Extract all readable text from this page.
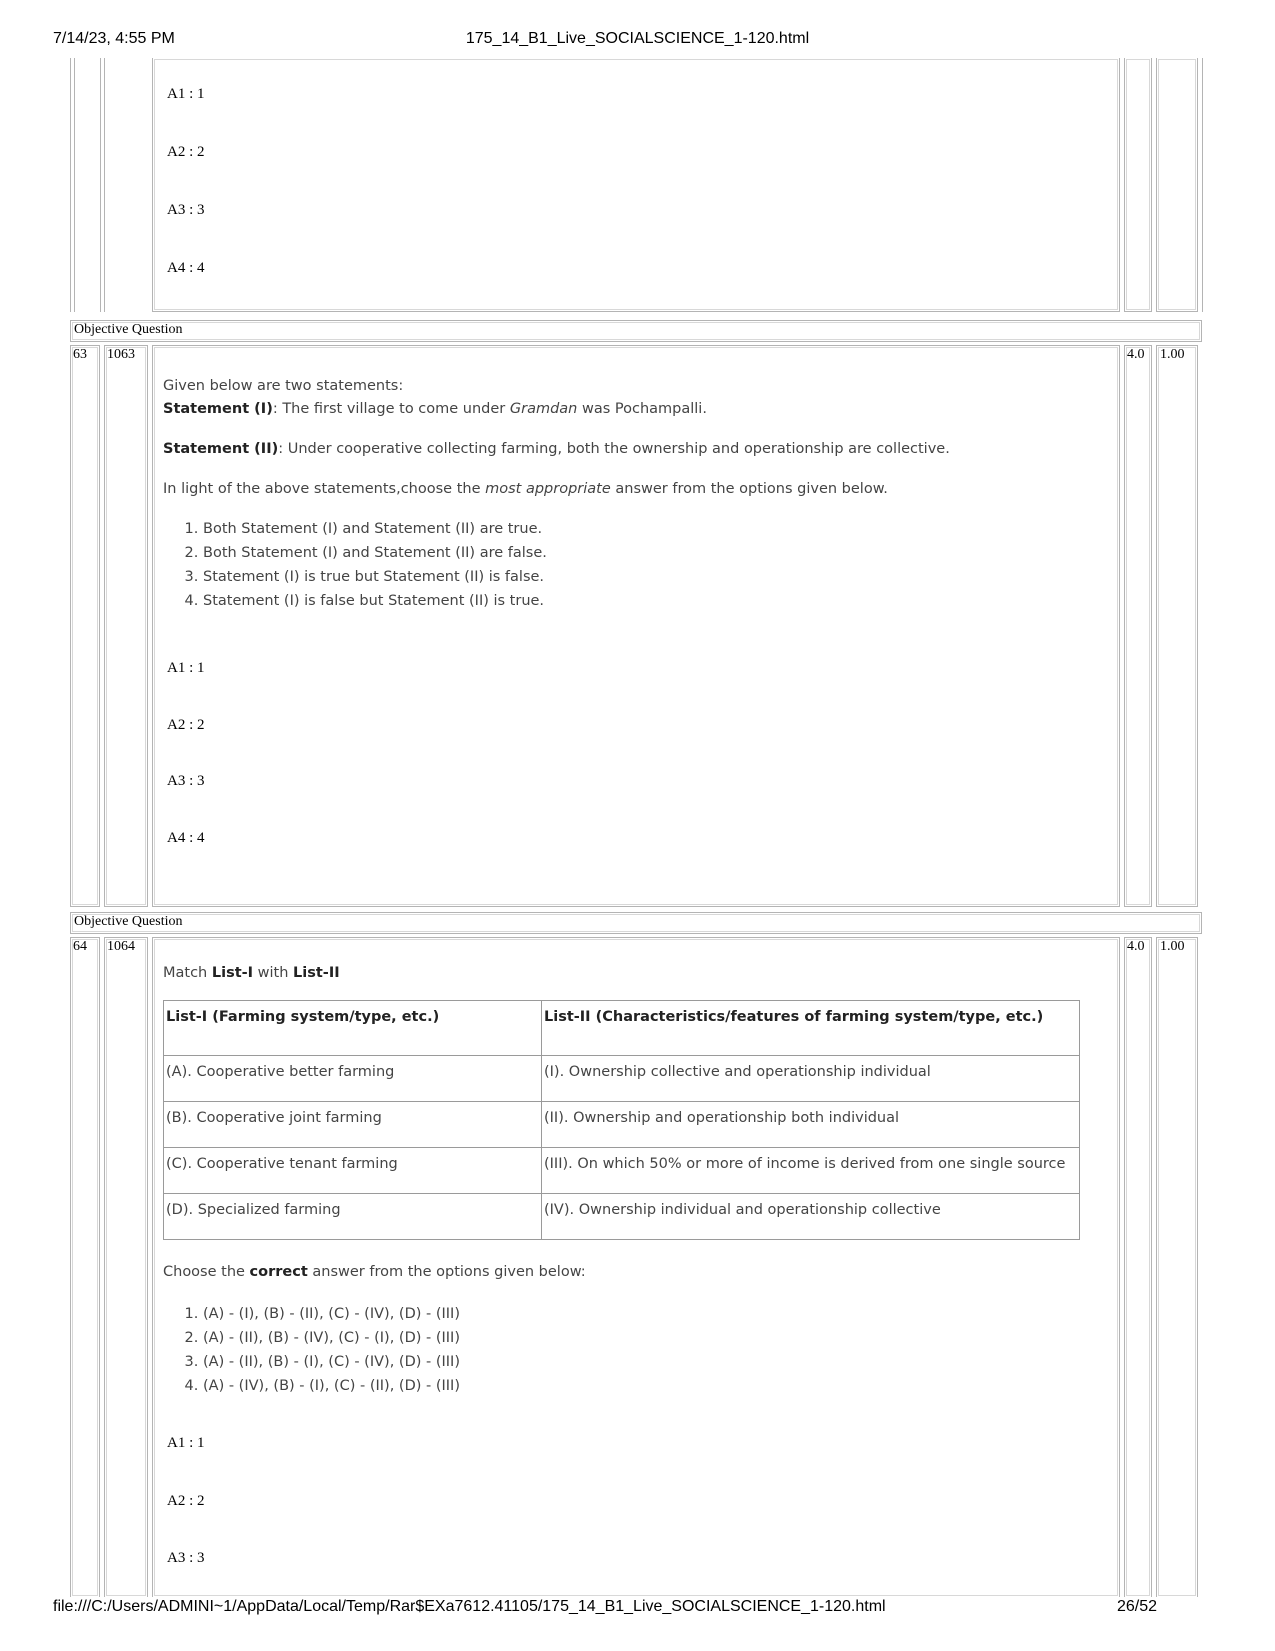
7/14/23, 4:55 PM	175_14_B1_Live_SOCIALSCIENCE_1-120.html
file:///C:/Users/ADMINI~1/AppData/Local/Temp/Rar$EXa7612.41105/175_14_B1_Live_SOCIALSCIENCE_1-120.html	26/52
A1 : 1
A2 : 2
A3 : 3
A4 : 4
Objective Question
63 1063	4.0 1.00

Given below are two statements:

Statement (I): The first village to come under Gramdan was Pochampalli.

Statement (II): Under cooperative collecting farming, both the ownership and operationship are collective.

In light of the above statements,choose the most appropriate answer from the options given below.

1. Both Statement (I) and Statement (II) are true.
2. Both Statement (I) and Statement (II) are false.
3. Statement (I) is true but Statement (II) is false.
4. Statement (I) is false but Statement (II) is true.
A1 : 1
A2 : 2
A3 : 3
A4 : 4
Objective Question
64 1064	4.0 1.00
Match List-I with List-II
List-I (Farming system/type, etc.)	List-II (Characteristics/features of farming system/type, etc.)
(A). Cooperative better farming	(I). Ownership collective and operationship individual
(B). Cooperative joint farming	(II). Ownership and operationship both individual
(C). Cooperative tenant farming	(III). On which 50% or more of income is derived from one single source
(D). Specialized farming	(IV). Ownership individual and operationship collective
Choose the correct answer from the options given below:
1. (A) - (I), (B) - (II), (C) - (IV), (D) - (III)
2. (A) - (II), (B) - (IV), (C) - (I), (D) - (III)
3. (A) - (II), (B) - (I), (C) - (IV), (D) - (III)
4. (A) - (IV), (B) - (I), (C) - (II), (D) - (III)
A1 : 1
A2 : 2
A3 : 3
